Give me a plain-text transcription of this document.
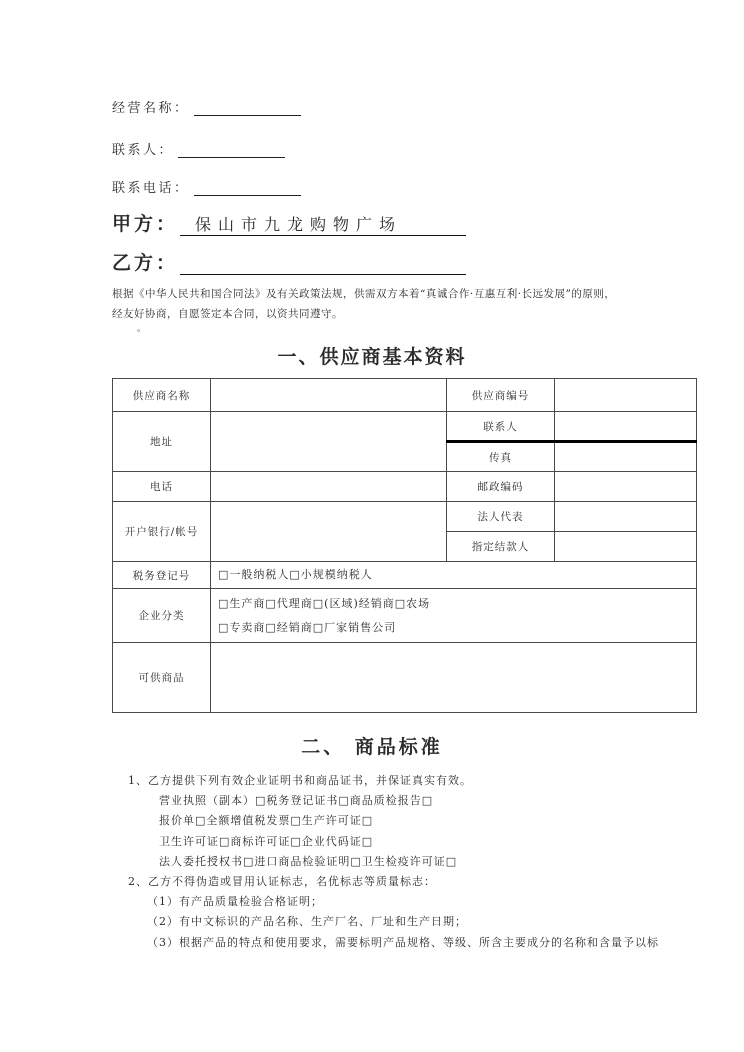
经营名称：
联系人：
联系电话：
甲方： 保山市九龙购物广场
乙方：
根据《中华人民共和国合同法》及有关政策法规，供需双方本着“真诚合作·互惠互利·长远发展”的原则，
经友好协商，自愿签定本合同，以资共同遵守。
。
一、供应商基本资料
供应商名称		供应商编号	
地址		联系人	
		传真	
电话		邮政编码	
开户银行/帐号		法人代表	
		指定结款人	
税务登记号	□一般纳税人□小规模纳税人		
企业分类	□生产商□代理商□(区域)经销商□农场
□专卖商□经销商□厂家销售公司		

可供商品			
二、 商品标准
1、乙方提供下列有效企业证明书和商品证书，并保证真实有效。
营业执照（副本）□税务登记证书□商品质检报告□
报价单□全额增值税发票□生产许可证□
卫生许可证□商标许可证□企业代码证□
法人委托授权书□进口商品检验证明□卫生检疫许可证□
2、乙方不得伪造或冒用认证标志，名优标志等质量标志：
（1）有产品质量检验合格证明；
（2）有中文标识的产品名称、生产厂名、厂址和生产日期；
（3）根据产品的特点和使用要求，需要标明产品规格、等级、所含主要成分的名称和含量予以标
